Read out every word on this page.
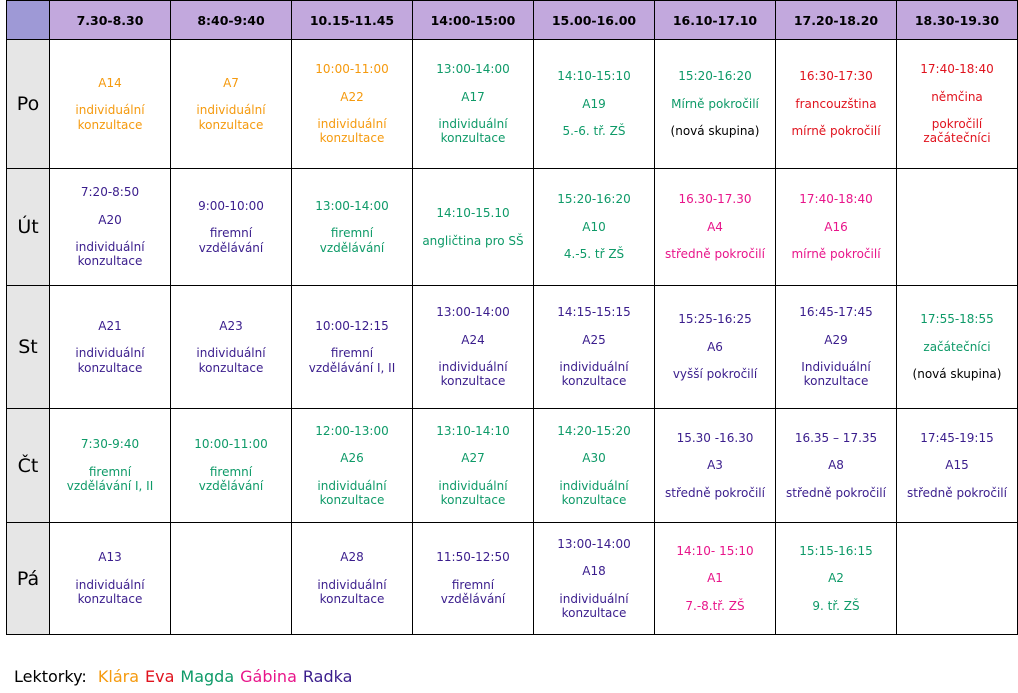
	7.30-8.30	8:40-9:40	10.15-11.45	14:00-15:00	15.00-16.00	16.10-17.10	17.20-18.20	18.30-19.30
Po	A14
individuální
konzultace	A7
individuální
konzultace	10:00-11:00
A22
individuální
konzultace	13:00-14:00
A17
individuální
konzultace	14:10-15:10
A19
5.-6. tř. ZŠ	15:20-16:20
Mírně pokročilí
(nová skupina)	16:30-17:30
francouzština
mírně pokročilí	17:40-18:40
němčina
pokročilí
začátečníci

Út	7:20-8:50
A20
individuální
konzultace	9:00-10:00
firemní
vzdělávání	13:00-14:00
firemní
vzdělávání	14:10-15.10
angličtina pro SŠ	15:20-16:20
A10
4.-5. tř ZŠ	16.30-17.30
A4
středně pokročilí	17:40-18:40
A16
mírně pokročilí	

St	A21
individuální
konzultace	A23
individuální
konzultace	10:00-12:15
firemní
vzdělávání I, II	13:00-14:00
A24
individuální
konzultace	14:15-15:15
A25
individuální
konzultace	15:25-16:25
A6
vyšší pokročilí	16:45-17:45
A29
Individuální
konzultace	17:55-18:55
začátečníci
(nová skupina)

Čt	7:30-9:40
firemní
vzdělávání I, II	10:00-11:00
firemní
vzdělávání	12:00-13:00
A26
individuální
konzultace	13:10-14:10
A27
individuální
konzultace	14:20-15:20
A30
individuální
konzultace	15.30 -16.30
A3
středně pokročilí	16.35 – 17.35
A8
středně pokročilí	17:45-19:15
A15
středně pokročilí

Pá	A13
individuální
konzultace		A28
individuální
konzultace	11:50-12:50
firemní
vzdělávání	13:00-14:00
A18
individuální
konzultace	14:10- 15:10
A1
7.-8.tř. ZŠ	15:15-16:15
A2
9. tř. ZŠ	

Lektorky: Klára Eva Magda Gábina Radka
